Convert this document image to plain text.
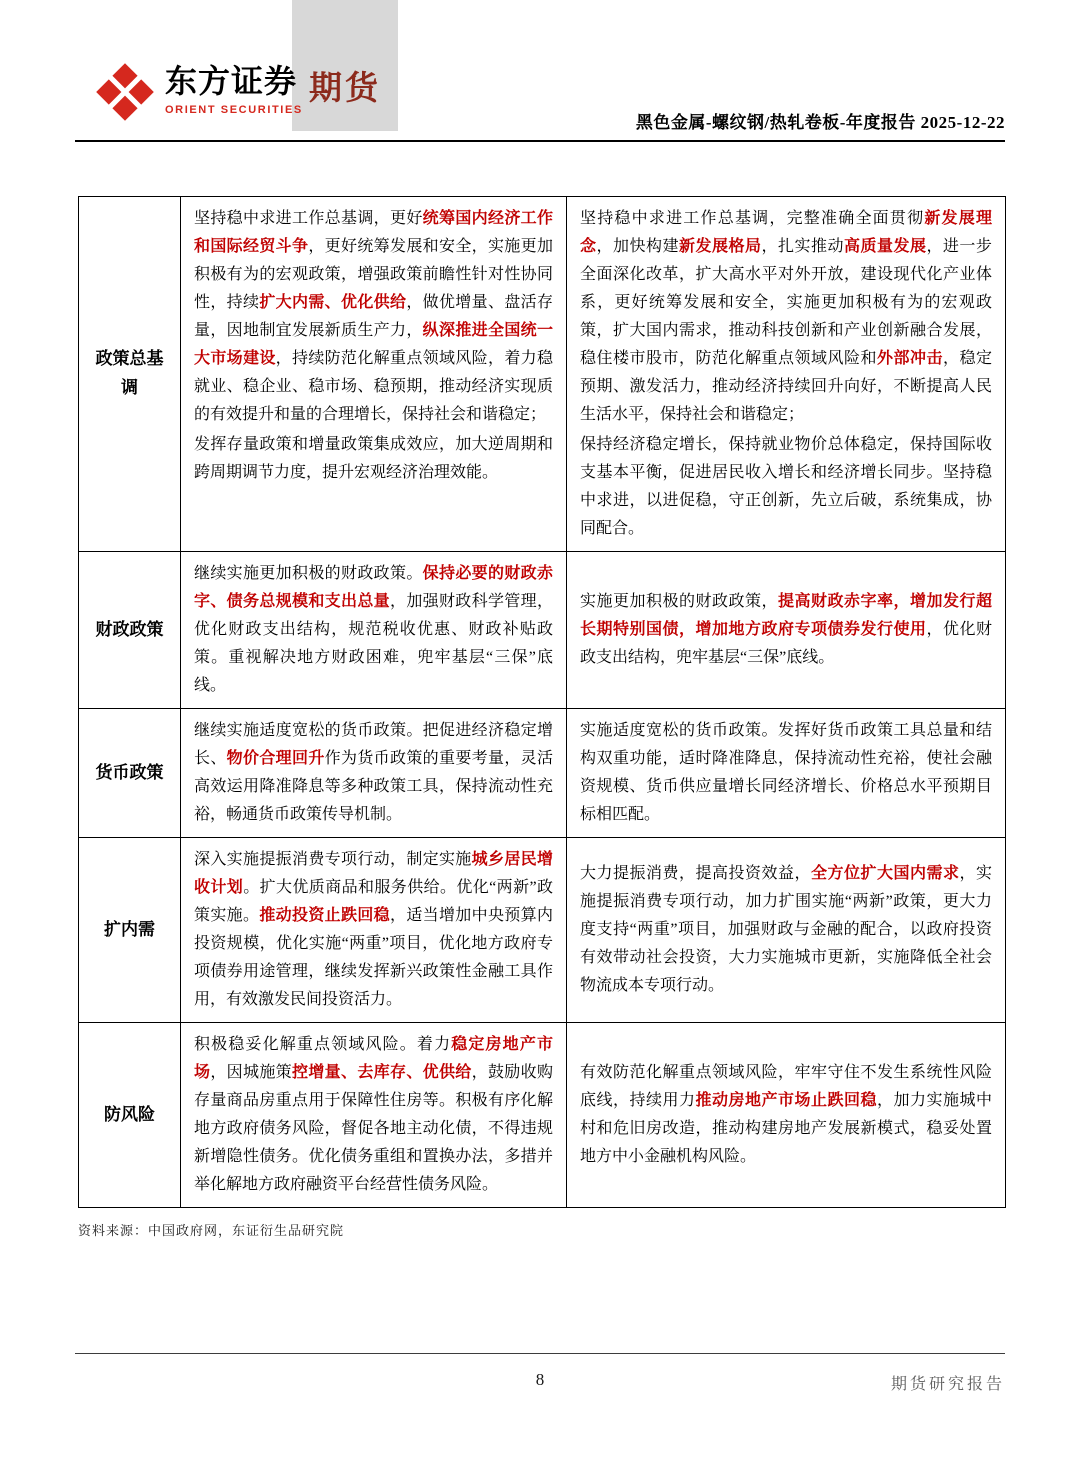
期货
东方证券
ORIENT SECURITIES
黑色金属-螺纹钢/热轧卷板-年度报告 2025-12-22
政策总基调

坚持稳中求进工作总基调，更好统筹国内经济工作和国际经贸斗争，更好统筹发展和安全，实施更加积极有为的宏观政策，增强政策前瞻性针对性协同性，持续扩大内需、优化供给，做优增量、盘活存量，因地制宜发展新质生产力，纵深推进全国统一大市场建设，持续防范化解重点领域风险，着力稳就业、稳企业、稳市场、稳预期，推动经济实现质的有效提升和量的合理增长，保持社会和谐稳定；

发挥存量政策和增量政策集成效应，加大逆周期和跨周期调节力度，提升宏观经济治理效能。

坚持稳中求进工作总基调，完整准确全面贯彻新发展理念，加快构建新发展格局，扎实推动高质量发展，进一步全面深化改革，扩大高水平对外开放，建设现代化产业体系，更好统筹发展和安全，实施更加积极有为的宏观政策，扩大国内需求，推动科技创新和产业创新融合发展，稳住楼市股市，防范化解重点领域风险和外部冲击，稳定预期、激发活力，推动经济持续回升向好，不断提高人民生活水平，保持社会和谐稳定；

保持经济稳定增长，保持就业物价总体稳定，保持国际收支基本平衡，促进居民收入增长和经济增长同步。坚持稳中求进，以进促稳，守正创新，先立后破，系统集成，协同配合。

财政政策

继续实施更加积极的财政政策。保持必要的财政赤字、债务总规模和支出总量，加强财政科学管理，优化财政支出结构，规范税收优惠、财政补贴政策。重视解决地方财政困难，兜牢基层“三保”底线。

实施更加积极的财政政策，提高财政赤字率，增加发行超长期特别国债，增加地方政府专项债券发行使用，优化财政支出结构，兜牢基层“三保”底线。

货币政策

继续实施适度宽松的货币政策。把促进经济稳定增长、物价合理回升作为货币政策的重要考量，灵活高效运用降准降息等多种政策工具，保持流动性充裕，畅通货币政策传导机制。

实施适度宽松的货币政策。发挥好货币政策工具总量和结构双重功能，适时降准降息，保持流动性充裕，使社会融资规模、货币供应量增长同经济增长、价格总水平预期目标相匹配。

扩内需

深入实施提振消费专项行动，制定实施城乡居民增收计划。扩大优质商品和服务供给。优化“两新”政策实施。推动投资止跌回稳，适当增加中央预算内投资规模，优化实施“两重”项目，优化地方政府专项债券用途管理，继续发挥新兴政策性金融工具作用，有效激发民间投资活力。

大力提振消费，提高投资效益，全方位扩大国内需求，实施提振消费专项行动，加力扩围实施“两新”政策，更大力度支持“两重”项目，加强财政与金融的配合，以政府投资有效带动社会投资，大力实施城市更新，实施降低全社会物流成本专项行动。

防风险

积极稳妥化解重点领域风险。着力稳定房地产市场，因城施策控增量、去库存、优供给，鼓励收购存量商品房重点用于保障性住房等。积极有序化解地方政府债务风险，督促各地主动化债，不得违规新增隐性债务。优化债务重组和置换办法，多措并举化解地方政府融资平台经营性债务风险。

有效防范化解重点领域风险，牢牢守住不发生系统性风险底线，持续用力推动房地产市场止跌回稳，加力实施城中村和危旧房改造，推动构建房地产发展新模式，稳妥处置地方中小金融机构风险。

资料来源：中国政府网，东证衍生品研究院
8	期货研究报告
